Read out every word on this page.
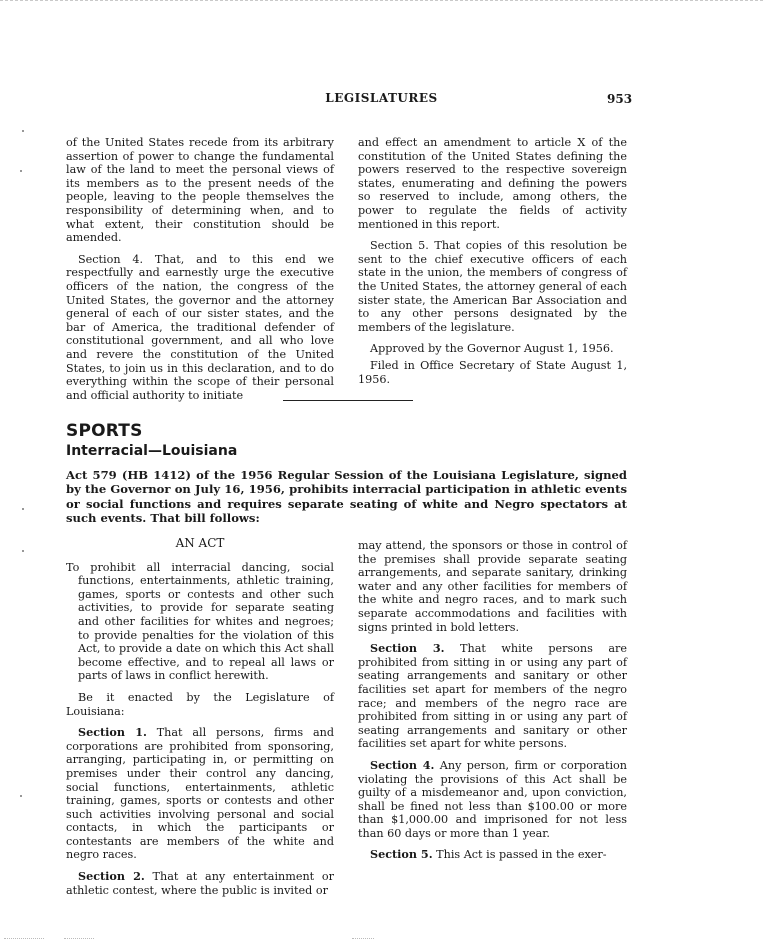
LEGISLATURES	953

of the United States recede from its arbitrary assertion of power to change the fundamental law of the land to meet the personal views of its members as to the present needs of the people, leaving to the people themselves the responsibility of determining when, and to what extent, their constitution should be amended.

Section 4. That, and to this end we respectfully and earnestly urge the executive officers of the nation, the congress of the United States, the governor and the attorney general of each of our sister states, and the bar of America, the traditional defender of constitutional government, and all who love and revere the constitution of the United States, to join us in this declaration, and to do everything within the scope of their personal and official authority to initiate

and effect an amendment to article X of the constitution of the United States defining the powers reserved to the respective sovereign states, enumerating and defining the powers so reserved to include, among others, the power to regulate the fields of activity mentioned in this report.

Section 5. That copies of this resolution be sent to the chief executive officers of each state in the union, the members of congress of the United States, the attorney general of each sister state, the American Bar Association and to any other persons designated by the members of the legislature.

Approved by the Governor August 1, 1956.

Filed in Office Secretary of State August 1, 1956.

SPORTS
Interracial—Louisiana
Act 579 (HB 1412) of the 1956 Regular Session of the Louisiana Legislature, signed by the Governor on July 16, 1956, prohibits interracial participation in athletic events or social functions and requires separate seating of white and Negro spectators at such events. That bill follows:

AN ACT

To prohibit all interracial dancing, social functions, entertainments, athletic training, games, sports or contests and other such activities, to provide for separate seating and other facilities for whites and negroes; to provide penalties for the violation of this Act, to provide a date on which this Act shall become effective, and to repeal all laws or parts of laws in conflict herewith.

Be it enacted by the Legislature of Louisiana:

Section 1. That all persons, firms and corporations are prohibited from sponsoring, arranging, participating in, or permitting on premises under their control any dancing, social functions, entertainments, athletic training, games, sports or contests and other such activities involving personal and social contacts, in which the participants or contestants are members of the white and negro races.

Section 2. That at any entertainment or athletic contest, where the public is invited or

may attend, the sponsors or those in control of the premises shall provide separate seating arrangements, and separate sanitary, drinking water and any other facilities for members of the white and negro races, and to mark such separate accommodations and facilities with signs printed in bold letters.

Section 3. That white persons are prohibited from sitting in or using any part of seating arrangements and sanitary or other facilities set apart for members of the negro race; and members of the negro race are prohibited from sitting in or using any part of seating arrangements and sanitary or other facilities set apart for white persons.

Section 4. Any person, firm or corporation violating the provisions of this Act shall be guilty of a misdemeanor and, upon conviction, shall be fined not less than $100.00 or more than $1,000.00 and imprisoned for not less than 60 days or more than 1 year.

Section 5. This Act is passed in the exer-
